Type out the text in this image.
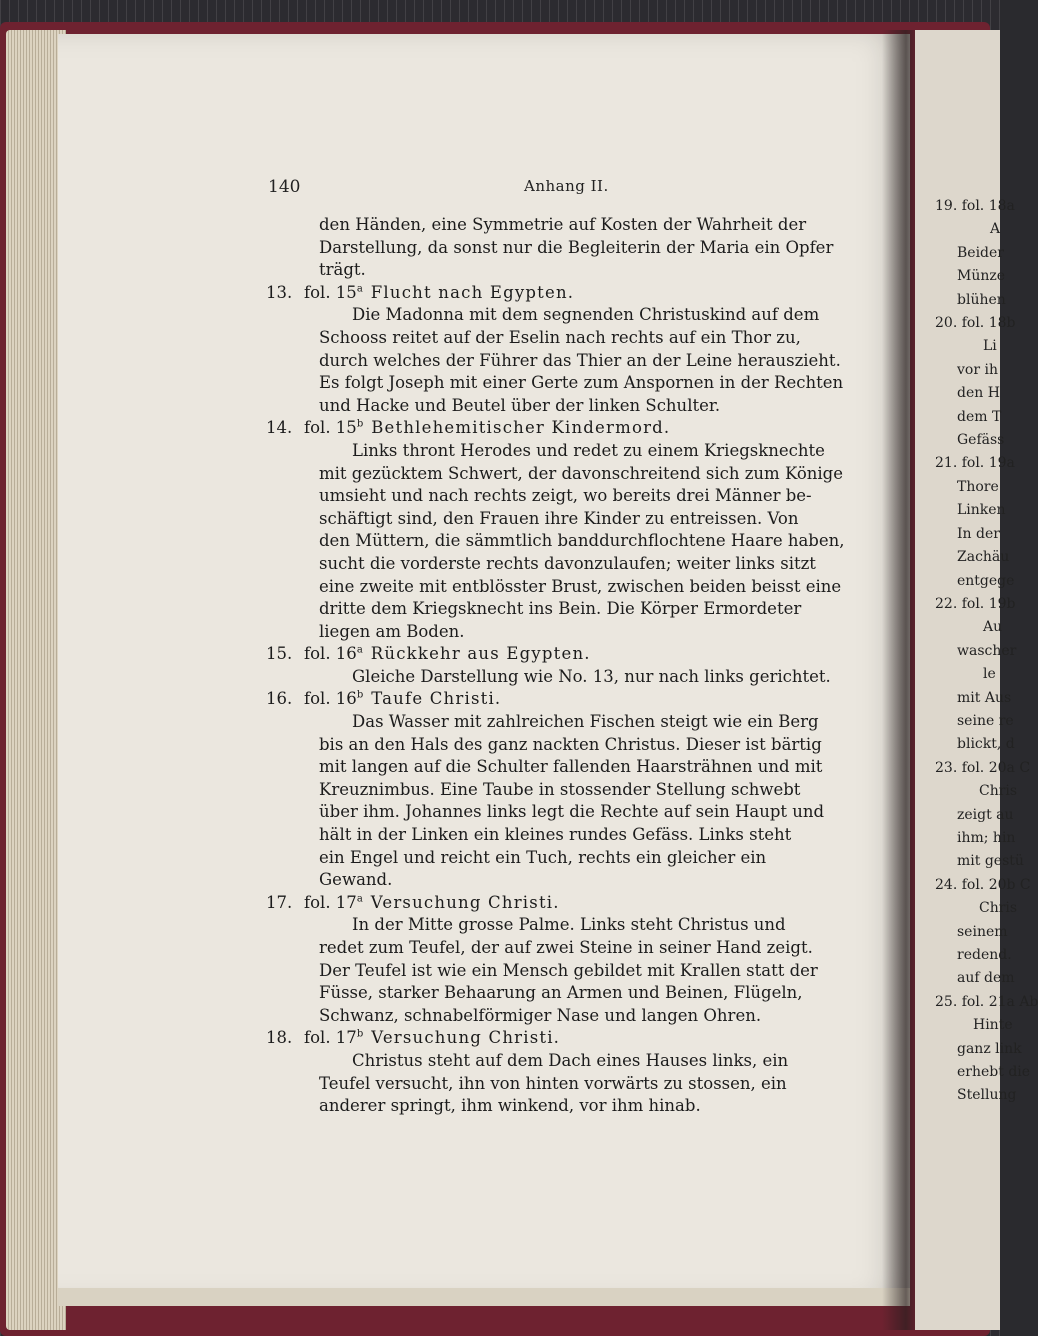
140	Anhang II.

den Händen, eine Symmetrie auf Kosten der Wahrheit der

Darstellung, da sonst nur die Begleiterin der Maria ein Opfer

trägt.

13. fol. 15$^a$ Flucht nach Egypten.

Die Madonna mit dem segnenden Christuskind auf dem

Schooss reitet auf der Eselin nach rechts auf ein Thor zu,

durch welches der Führer das Thier an der Leine herauszieht.

Es folgt Joseph mit einer Gerte zum Anspornen in der Rechten

und Hacke und Beutel über der linken Schulter.

14. fol. 15$^b$ Bethlehemitischer Kindermord.

Links thront Herodes und redet zu einem Kriegsknechte

mit gezücktem Schwert, der davonschreitend sich zum Könige

umsieht und nach rechts zeigt, wo bereits drei Männer be-

schäftigt sind, den Frauen ihre Kinder zu entreissen. Von

den Müttern, die sämmtlich banddurchflochtene Haare haben,

sucht die vorderste rechts davonzulaufen; weiter links sitzt

eine zweite mit entblösster Brust, zwischen beiden beisst eine

dritte dem Kriegsknecht ins Bein. Die Körper Ermordeter

liegen am Boden.

15. fol. 16$^a$ Rückkehr aus Egypten.

Gleiche Darstellung wie No. 13, nur nach links gerichtet.

16. fol. 16$^b$ Taufe Christi.

Das Wasser mit zahlreichen Fischen steigt wie ein Berg

bis an den Hals des ganz nackten Christus. Dieser ist bärtig

mit langen auf die Schulter fallenden Haarsträhnen und mit

Kreuznimbus. Eine Taube in stossender Stellung schwebt

über ihm. Johannes links legt die Rechte auf sein Haupt und

hält in der Linken ein kleines rundes Gefäss. Links steht

ein Engel und reicht ein Tuch, rechts ein gleicher ein

Gewand.

17. fol. 17$^a$ Versuchung Christi.

In der Mitte grosse Palme. Links steht Christus und

redet zum Teufel, der auf zwei Steine in seiner Hand zeigt.

Der Teufel ist wie ein Mensch gebildet mit Krallen statt der

Füsse, starker Behaarung an Armen und Beinen, Flügeln,

Schwanz, schnabelförmiger Nase und langen Ohren.

18. fol. 17$^b$ Versuchung Christi.

Christus steht auf dem Dach eines Hauses links, ein

Teufel versucht, ihn von hinten vorwärts zu stossen, ein

anderer springt, ihm winkend, vor ihm hinab.

19. fol. 18a
A
Beider
Münze
blühen
20. fol. 18b
Li
vor ih
den H
dem T
Gefäss
21. fol. 19a
Thore
Linken
In der
Zachäu
entgege
22. fol. 19b
Au
wascher
le
mit Aus
seine re
blickt, d
23. fol. 20a C
Chris
zeigt au
ihm; hin
mit gestü
24. fol. 20b C
Chris
seinem
redend.
auf dem
25. fol. 21a Ab
Hinte
ganz link
erhebt die
Stellung
